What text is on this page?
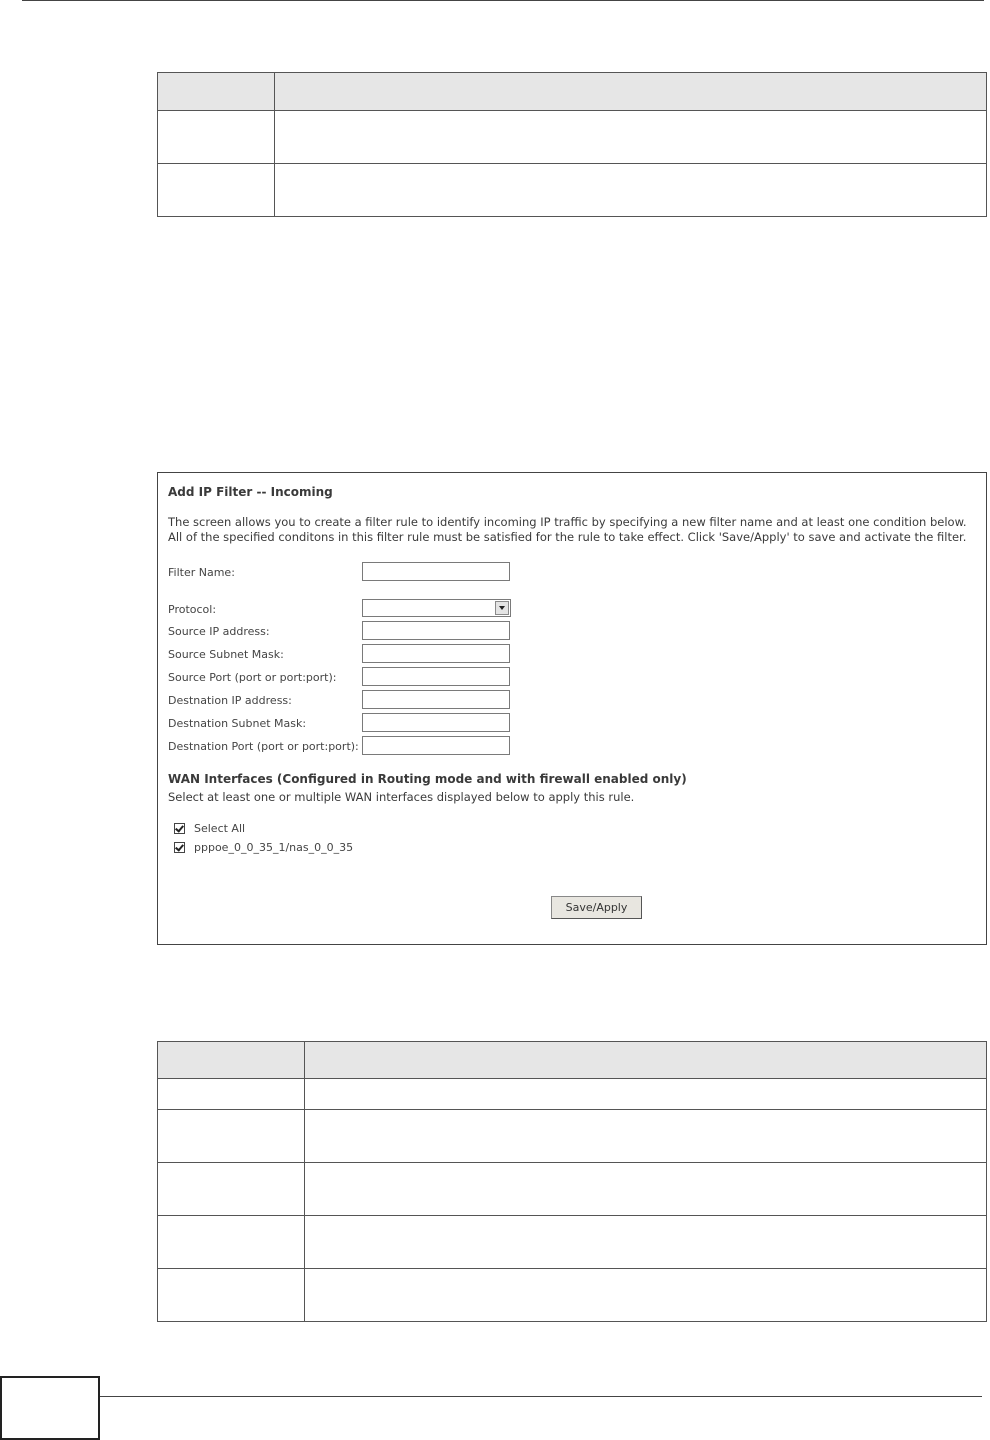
Add IP Filter -- Incoming
The screen allows you to create a filter rule to identify incoming IP traffic by specifying a new filter name and at least one condition below. All of the specified conditons in this filter rule must be satisfied for the rule to take effect. Click 'Save/Apply' to save and activate the filter.
Filter Name:
Protocol:
Source IP address:
Source Subnet Mask:
Source Port (port or port:port):
Destnation IP address:
Destnation Subnet Mask:
Destnation Port (port or port:port):
WAN Interfaces (Configured in Routing mode and with firewall enabled only)
Select at least one or multiple WAN interfaces displayed below to apply this rule.
Select All
pppoe_0_0_35_1/nas_0_0_35
Save/Apply
